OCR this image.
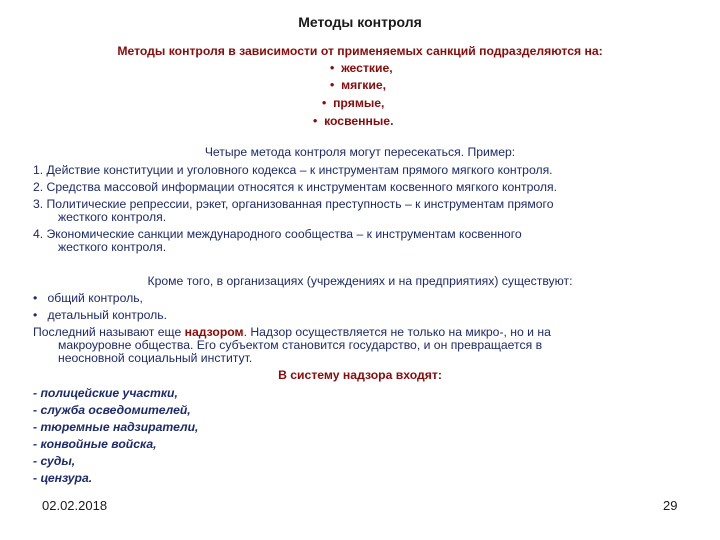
Методы контроля
Методы контроля в зависимости от применяемых санкций подразделяются на:
• жесткие,
• мягкие,
• прямые,
• косвенные.
Четыре метода контроля могут пересекаться. Пример:
1. Действие конституции и уголовного кодекса – к инструментам прямого мягкого контроля.
2. Средства массовой информации относятся к инструментам косвенного мягкого контроля.
3. Политические репрессии, рэкет, организованная преступность – к инструментам прямого
жесткого контроля.
4. Экономические санкции международного сообщества – к инструментам косвенного
жесткого контроля.
Кроме того, в организациях (учреждениях и на предприятиях) существуют:
• общий контроль,
• детальный контроль.
Последний называют еще надзором. Надзор осуществляется не только на микро-, но и на
макроуровне общества. Его субъектом становится государство, и он превращается в
неосновной социальный институт.
В систему надзора входят:
- полицейские участки,
- служба осведомителей,
- тюремные надзиратели,
- конвойные войска,
- суды,
- цензура.
02.02.2018	29
